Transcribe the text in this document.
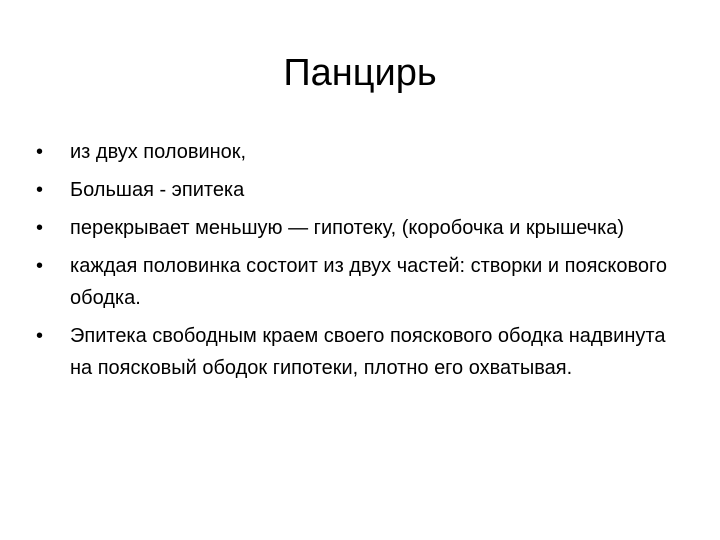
Панцирь
•	из двух половинок,
•	Большая - эпитека
•	перекрывает меньшую — гипотеку, (коробочка и крышечка)
•	каждая половинка состоит из двух частей: створки и пояскового ободка.
•	Эпитека свободным краем своего пояскового ободка надвинута на поясковый ободок гипотеки, плотно его охватывая.
